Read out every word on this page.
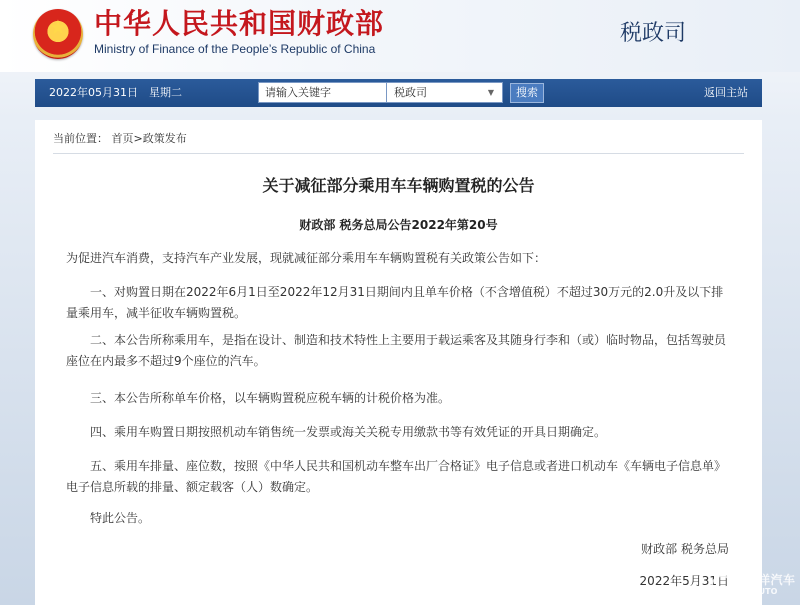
★ 中华人民共和国财政部
Ministry of Finance of the People’s Republic of China
税政司
2022年05月31日　星期二	请输入关键字	税政司	▼	搜索	返回主站
当前位置： 首页>政策发布
关于减征部分乘用车车辆购置税的公告
财政部 税务总局公告2022年第20号
为促进汽车消费，支持汽车产业发展，现就减征部分乘用车车辆购置税有关政策公告如下：
　　一、对购置日期在2022年6月1日至2022年12月31日期间内且单车价格（不含增值税）不超过30万元的2.0升及以下排量乘用车，减半征收车辆购置税。
　　二、本公告所称乘用车，是指在设计、制造和技术特性上主要用于载运乘客及其随身行李和（或）临时物品，包括驾驶员座位在内最多不超过9个座位的汽车。
　　三、本公告所称单车价格，以车辆购置税应税车辆的计税价格为准。
　　四、乘用车购置日期按照机动车销售统一发票或海关关税专用缴款书等有效凭证的开具日期确定。
　　五、乘用车排量、座位数，按照《中华人民共和国机动车整车出厂合格证》电子信息或者进口机动车《车辆电子信息单》电子信息所载的排量、额定载客（人）数确定。
　　特此公告。
财政部 税务总局
2022年5月31日 太平洋汽车
PCAUTO
